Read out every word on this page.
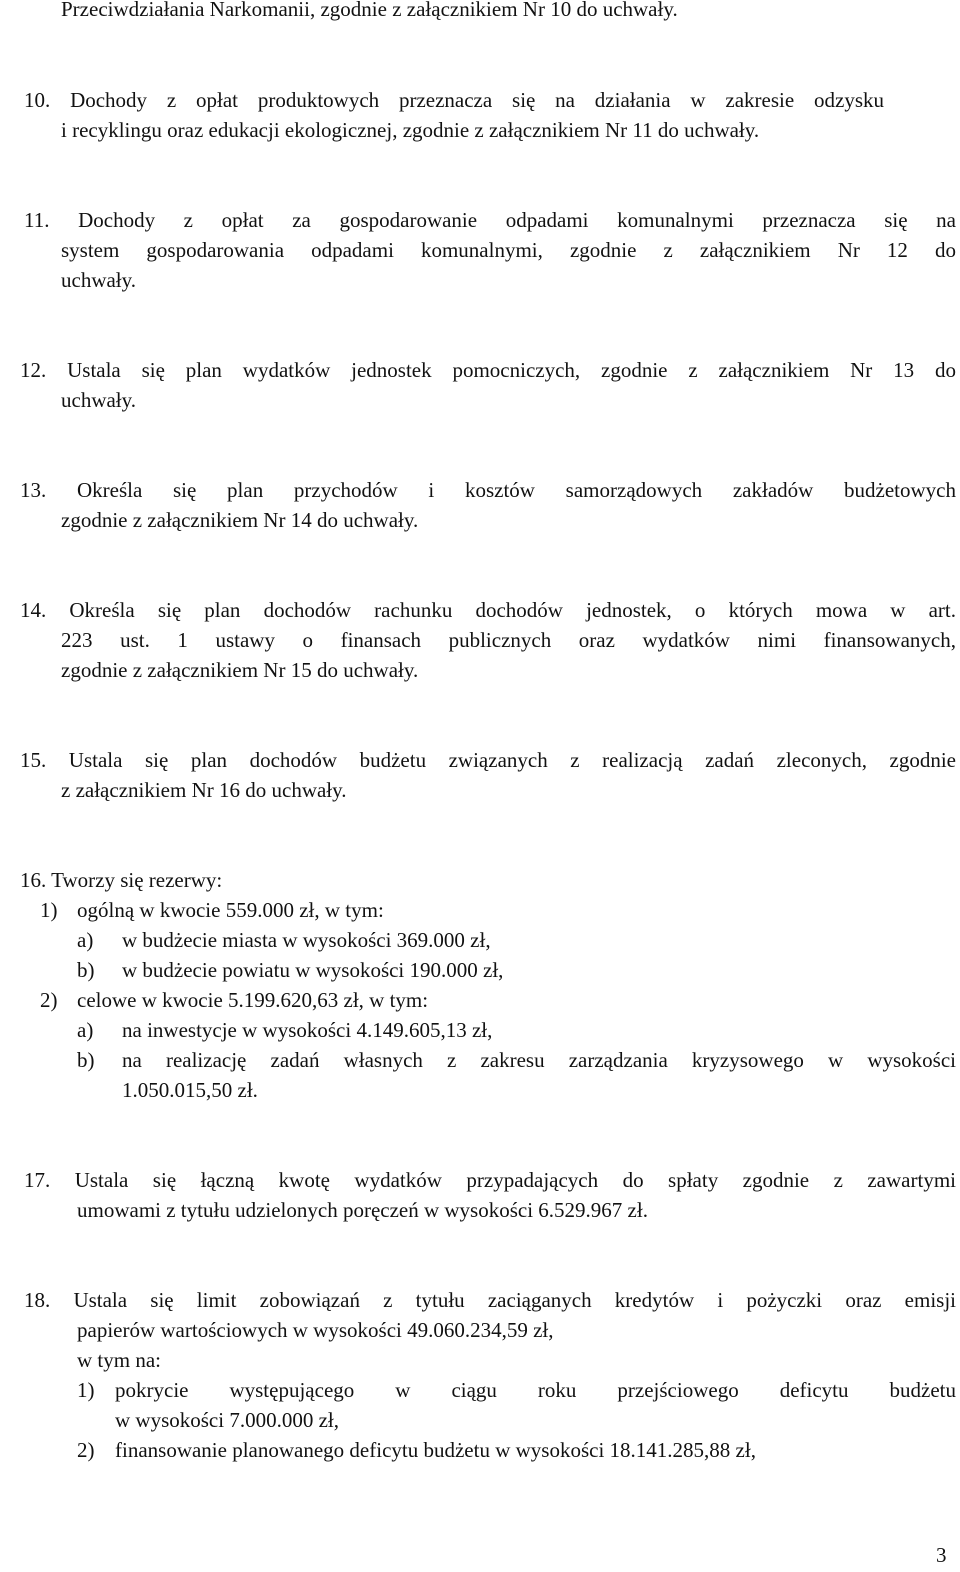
Przeciwdziałania Narkomanii, zgodnie z załącznikiem Nr 10 do uchwały.
10. Dochody z opłat produktowych przeznacza się na działania w zakresie odzysku
i recyklingu oraz edukacji ekologicznej, zgodnie z załącznikiem Nr 11 do uchwały.
11. Dochody z opłat za gospodarowanie odpadami komunalnymi przeznacza się na
system gospodarowania odpadami komunalnymi, zgodnie z załącznikiem Nr 12 do
uchwały.
12. Ustala się plan wydatków jednostek pomocniczych, zgodnie z załącznikiem Nr 13 do
uchwały.
13. Określa się plan przychodów i kosztów samorządowych zakładów budżetowych
zgodnie z załącznikiem Nr 14 do uchwały.
14. Określa się plan dochodów rachunku dochodów jednostek, o których mowa w art.
223 ust. 1 ustawy o finansach publicznych oraz wydatków nimi finansowanych,
zgodnie z załącznikiem Nr 15 do uchwały.
15. Ustala się plan dochodów budżetu związanych z realizacją zadań zleconych, zgodnie
z załącznikiem Nr 16 do uchwały.
16. Tworzy się rezerwy:
1) ogólną w kwocie 559.000 zł, w tym:
a) w budżecie miasta w wysokości 369.000 zł,
b) w budżecie powiatu w wysokości 190.000 zł,
2) celowe w kwocie 5.199.620,63 zł, w tym:
a) na inwestycje w wysokości 4.149.605,13 zł,
b) na realizację zadań własnych z zakresu zarządzania kryzysowego w wysokości
1.050.015,50 zł.
17. Ustala się łączną kwotę wydatków przypadających do spłaty zgodnie z zawartymi
umowami z tytułu udzielonych poręczeń w wysokości 6.529.967 zł.
18. Ustala się limit zobowiązań z tytułu zaciąganych kredytów i pożyczki oraz emisji
papierów wartościowych w wysokości 49.060.234,59 zł,
w tym na:
1) pokrycie występującego w ciągu roku przejściowego deficytu budżetu
w wysokości 7.000.000 zł,
2) finansowanie planowanego deficytu budżetu w wysokości 18.141.285,88 zł,
3
